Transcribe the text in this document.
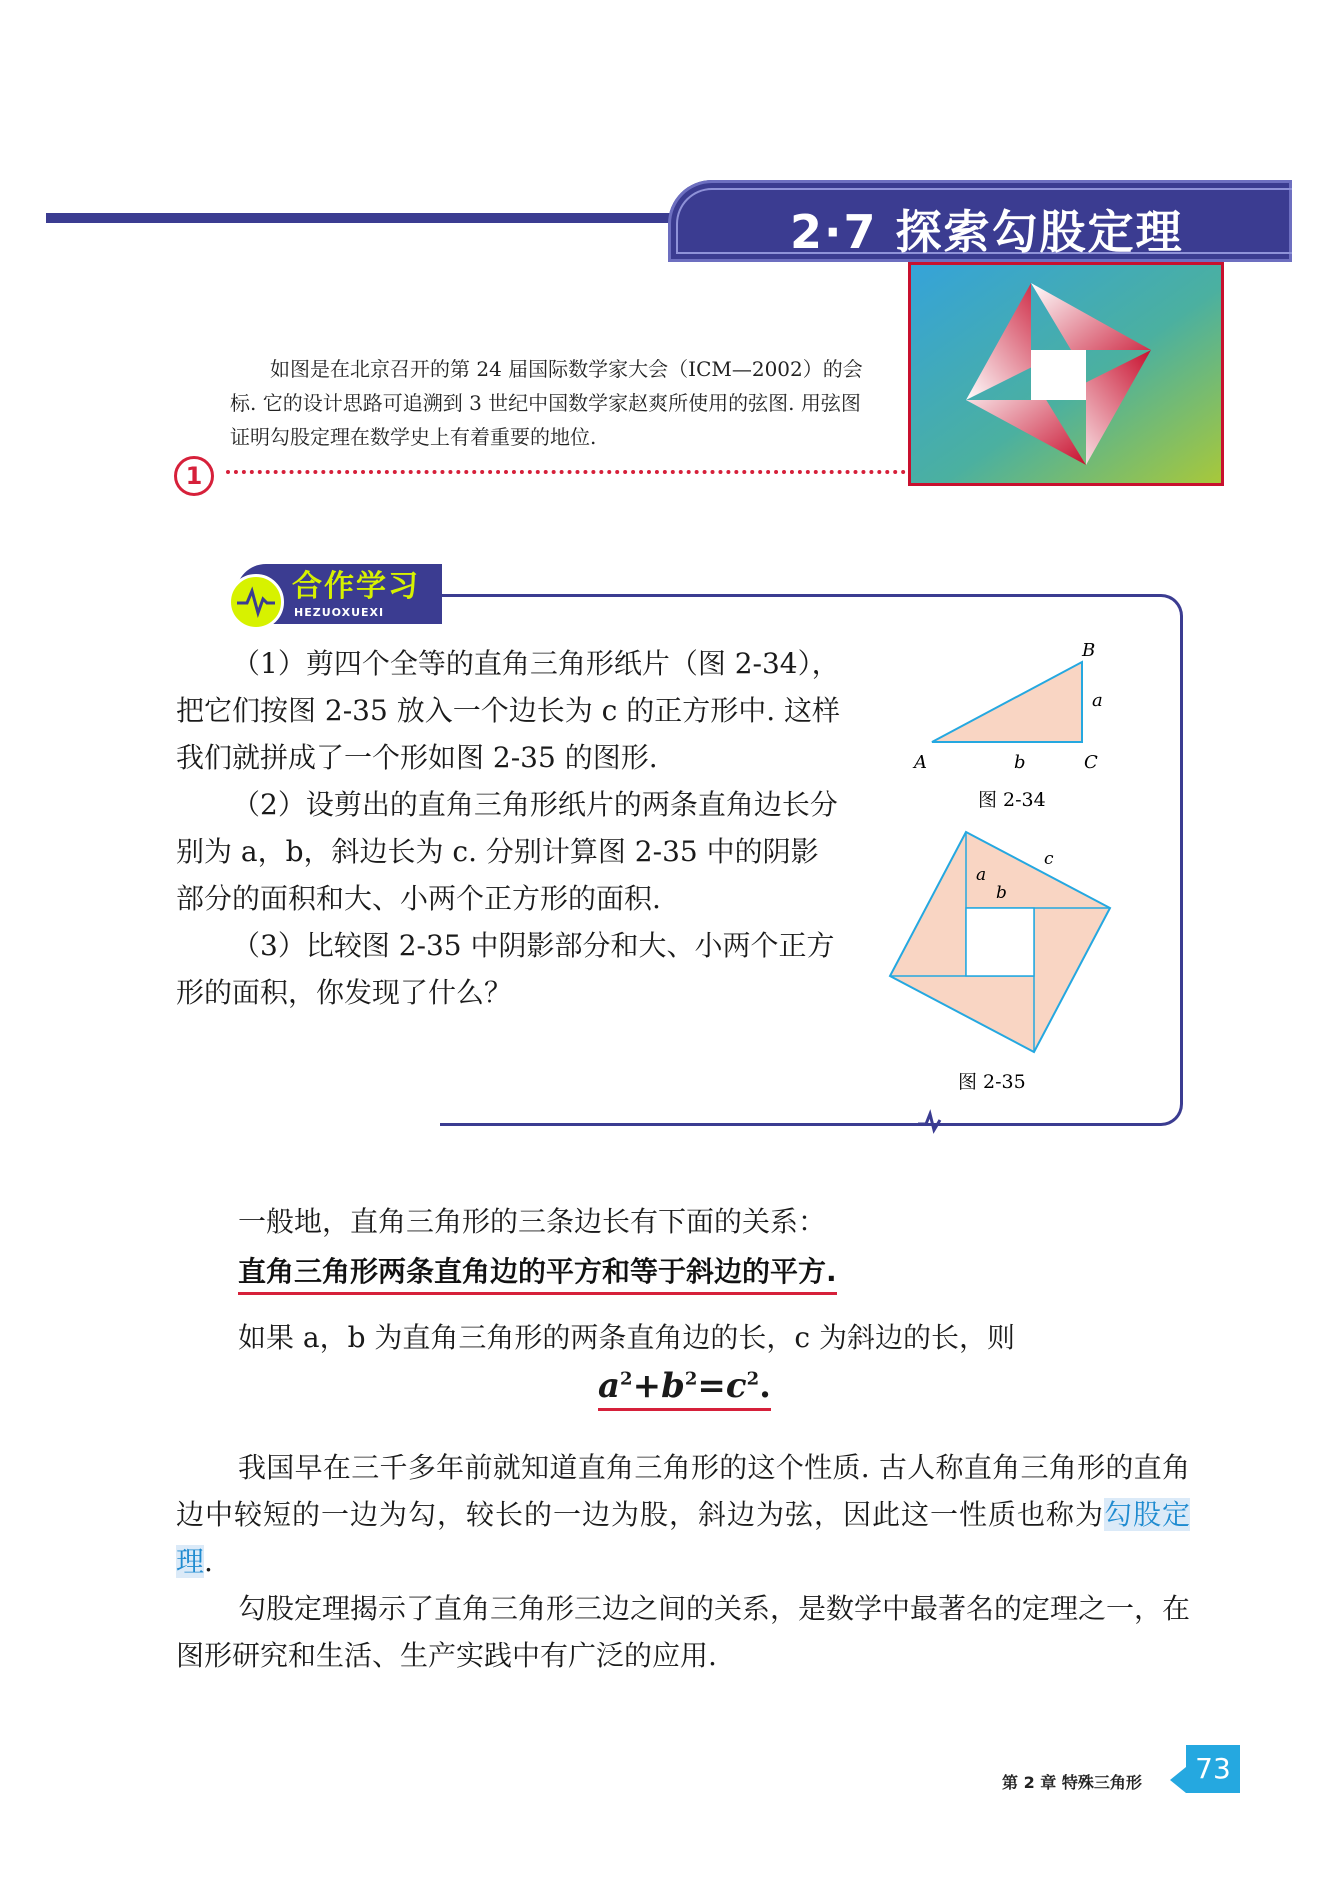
2·7 探索勾股定理
如图是在北京召开的第 24 届国际数学家大会（ICM—2002）的会标. 它的设计思路可追溯到 3 世纪中国数学家赵爽所使用的弦图. 用弦图证明勾股定理在数学史上有着重要的地位.
1
合作学习
HEZUOXUEXI

（1）剪四个全等的直角三角形纸片（图 2-34），把它们按图 2-35 放入一个边长为 c 的正方形中. 这样我们就拼成了一个形如图 2-35 的图形.

（2）设剪出的直角三角形纸片的两条直角边长分别为 a，b，斜边长为 c. 分别计算图 2-35 中的阴影部分的面积和大、小两个正方形的面积.

（3）比较图 2-35 中阴影部分和大、小两个正方形的面积，你发现了什么？

A
B
C
a
b
图 2-34
a
b
c
图 2-35

一般地，直角三角形的三条边长有下面的关系：

直角三角形两条直角边的平方和等于斜边的平方.
如果 a，b 为直角三角形的两条直角边的长，c 为斜边的长，则
$a^2+b^2=c^2$.

我国早在三千多年前就知道直角三角形的这个性质. 古人称直角三角形的直角边中较短的一边为勾，较长的一边为股，斜边为弦，因此这一性质也称为勾股定理.

勾股定理揭示了直角三角形三边之间的关系，是数学中最著名的定理之一，在图形研究和生活、生产实践中有广泛的应用.

第 2 章 特殊三角形	73
